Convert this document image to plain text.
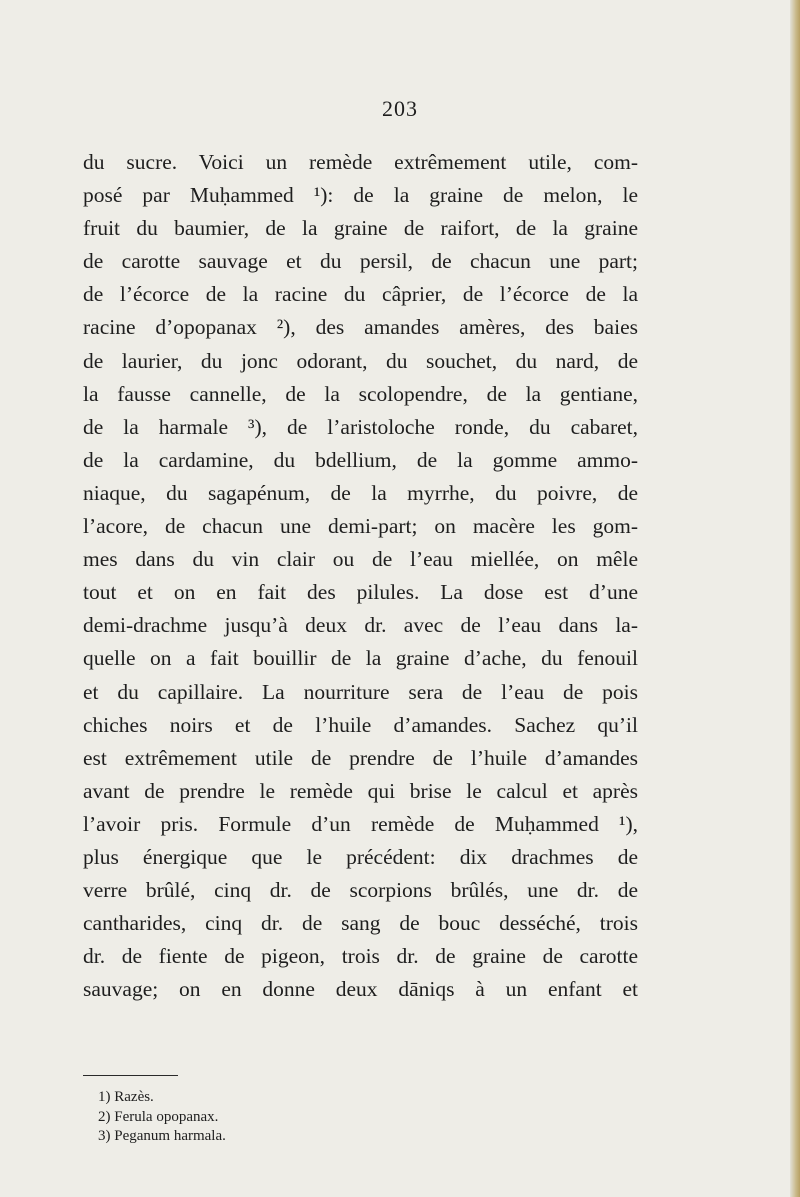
203
du sucre. Voici un remède extrêmement utile, com-
posé par Muḥammed ¹): de la graine de melon, le
fruit du baumier, de la graine de raifort, de la graine
de carotte sauvage et du persil, de chacun une part;
de l’écorce de la racine du câprier, de l’écorce de la
racine d’opopanax ²), des amandes amères, des baies
de laurier, du jonc odorant, du souchet, du nard, de
la fausse cannelle, de la scolopendre, de la gentiane,
de la harmale ³), de l’aristoloche ronde, du cabaret,
de la cardamine, du bdellium, de la gomme ammo-
niaque, du sagapénum, de la myrrhe, du poivre, de
l’acore, de chacun une demi-part; on macère les gom-
mes dans du vin clair ou de l’eau miellée, on mêle
tout et on en fait des pilules. La dose est d’une
demi-drachme jusqu’à deux dr. avec de l’eau dans la-
quelle on a fait bouillir de la graine d’ache, du fenouil
et du capillaire. La nourriture sera de l’eau de pois
chiches noirs et de l’huile d’amandes. Sachez qu’il
est extrêmement utile de prendre de l’huile d’amandes
avant de prendre le remède qui brise le calcul et après
l’avoir pris. Formule d’un remède de Muḥammed ¹),
plus énergique que le précédent: dix drachmes de
verre brûlé, cinq dr. de scorpions brûlés, une dr. de
cantharides, cinq dr. de sang de bouc desséché, trois
dr. de fiente de pigeon, trois dr. de graine de carotte
sauvage; on en donne deux dāniqs à un enfant et
1) Razès.
2) Ferula opopanax.
3) Peganum harmala.
